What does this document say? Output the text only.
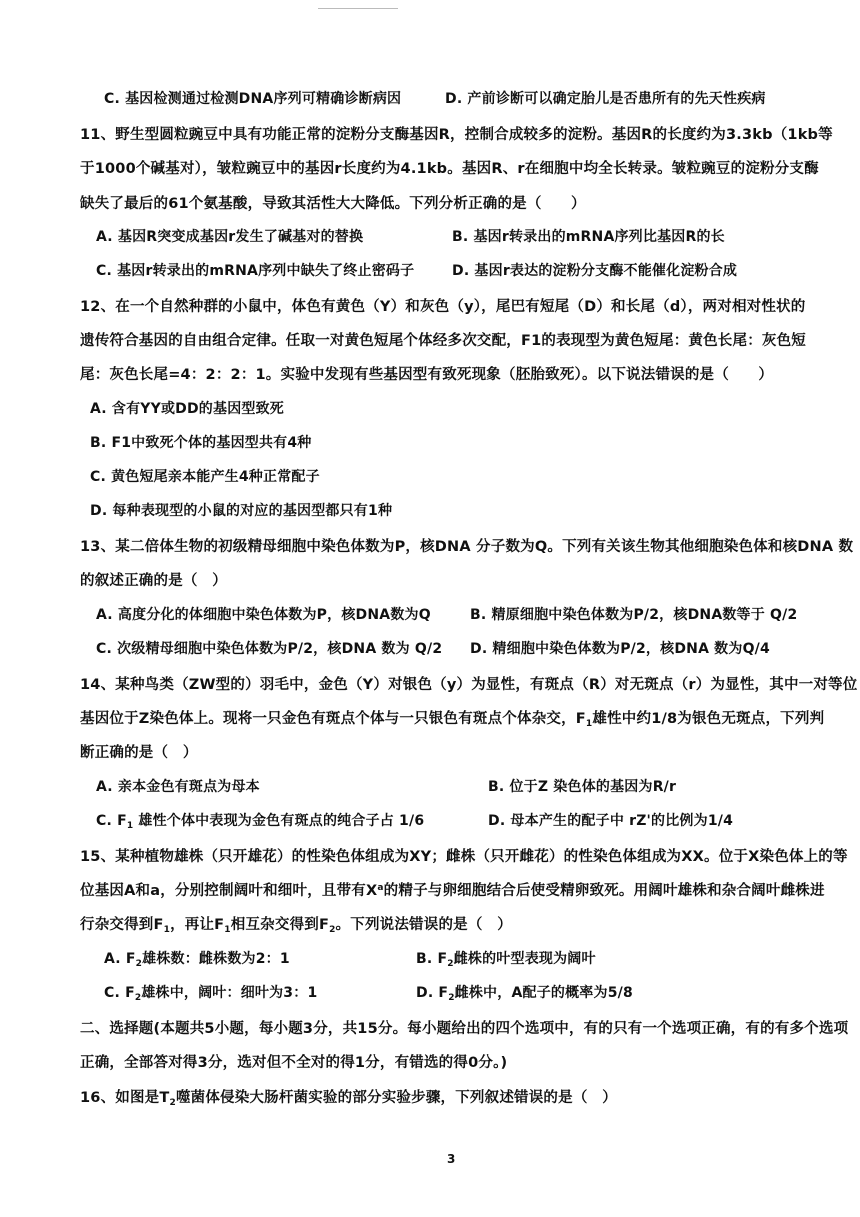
C. 基因检测通过检测DNA序列可精确诊断病因	D. 产前诊断可以确定胎儿是否患所有的先天性疾病
11、野生型圆粒豌豆中具有功能正常的淀粉分支酶基因R，控制合成较多的淀粉。基因R的长度约为3.3kb（1kb等
于1000个碱基对），皱粒豌豆中的基因r长度约为4.1kb。基因R、r在细胞中均全长转录。皱粒豌豆的淀粉分支酶
缺失了最后的61个氨基酸，导致其活性大大降低。下列分析正确的是（　　）
A. 基因R突变成基因r发生了碱基对的替换	B. 基因r转录出的mRNA序列比基因R的长
C. 基因r转录出的mRNA序列中缺失了终止密码子	D. 基因r表达的淀粉分支酶不能催化淀粉合成
12、在一个自然种群的小鼠中，体色有黄色（Y）和灰色（y），尾巴有短尾（D）和长尾（d），两对相对性状的
遗传符合基因的自由组合定律。任取一对黄色短尾个体经多次交配，F1的表现型为黄色短尾：黄色长尾：灰色短
尾：灰色长尾=4：2：2：1。实验中发现有些基因型有致死现象（胚胎致死）。以下说法错误的是（　　）
A. 含有YY或DD的基因型致死
B. F1中致死个体的基因型共有4种
C. 黄色短尾亲本能产生4种正常配子
D. 每种表现型的小鼠的对应的基因型都只有1种
13、某二倍体生物的初级精母细胞中染色体数为P，核DNA 分子数为Q。下列有关该生物其他细胞染色体和核DNA 数
的叙述正确的是（　）
A. 高度分化的体细胞中染色体数为P，核DNA数为Q	B. 精原细胞中染色体数为P/2，核DNA数等于 Q/2
C. 次级精母细胞中染色体数为P/2，核DNA 数为 Q/2 D. 精细胞中染色体数为P/2，核DNA 数为Q/4
14、某种鸟类（ZW型的）羽毛中，金色（Y）对银色（y）为显性，有斑点（R）对无斑点（r）为显性，其中一对等位
基因位于Z染色体上。现将一只金色有斑点个体与一只银色有斑点个体杂交，$F_1$雄性中约1/8为银色无斑点，下列判
断正确的是（　）
A. 亲本金色有斑点为母本	B. 位于Z 染色体的基因为R/r
C. $F_1$ 雄性个体中表现为金色有斑点的纯合子占 1/6	D. 母本产生的配子中 rZ'的比例为1/4
15、某种植物雄株（只开雄花）的性染色体组成为XY；雌株（只开雌花）的性染色体组成为XX。位于X染色体上的等
位基因A和a，分别控制阔叶和细叶，且带有$X^a$的精子与卵细胞结合后使受精卵致死。用阔叶雄株和杂合阔叶雌株进
行杂交得到$F_1$，再让$F_1$相互杂交得到$F_2$。下列说法错误的是（　）
A. $F_2$雄株数：雌株数为2：1	B. $F_2$雌株的叶型表现为阔叶
C. $F_2$雄株中，阔叶：细叶为3：1	D. $F_2$雌株中，A配子的概率为5/8
二、选择题(本题共5小题，每小题3分，共15分。每小题给出的四个选项中，有的只有一个选项正确，有的有多个选项
正确，全部答对得3分，选对但不全对的得1分，有错选的得0分。)
16、如图是$T_2$噬菌体侵染大肠杆菌实验的部分实验步骤，下列叙述错误的是（　）
3
